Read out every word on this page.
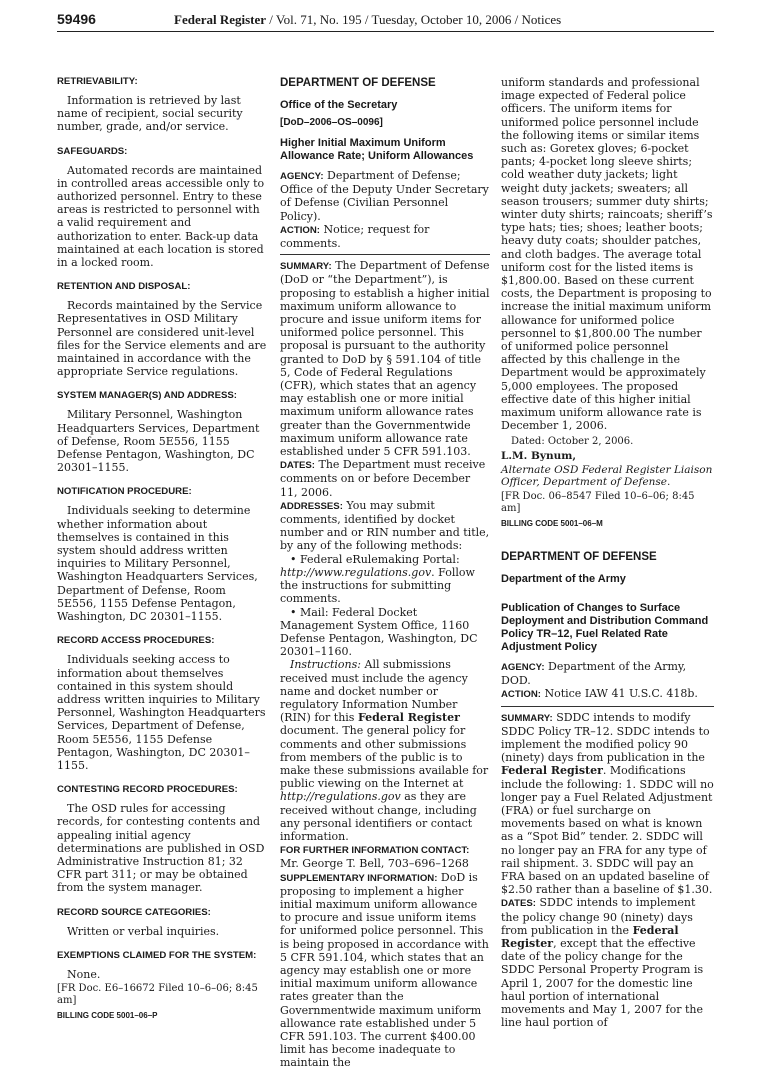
59496	Federal Register / Vol. 71, No. 195 / Tuesday, October 10, 2006 / Notices
RETRIEVABILITY:

Information is retrieved by last name of recipient, social security number, grade, and/or service.

SAFEGUARDS:

Automated records are maintained in controlled areas accessible only to authorized personnel. Entry to these areas is restricted to personnel with a valid requirement and authorization to enter. Back-up data maintained at each location is stored in a locked room.

RETENTION AND DISPOSAL:

Records maintained by the Service Representatives in OSD Military Personnel are considered unit-level files for the Service elements and are maintained in accordance with the appropriate Service regulations.

SYSTEM MANAGER(S) AND ADDRESS:

Military Personnel, Washington Headquarters Services, Department of Defense, Room 5E556, 1155 Defense Pentagon, Washington, DC 20301–1155.

NOTIFICATION PROCEDURE:

Individuals seeking to determine whether information about themselves is contained in this system should address written inquiries to Military Personnel, Washington Headquarters Services, Department of Defense, Room 5E556, 1155 Defense Pentagon, Washington, DC 20301–1155.

RECORD ACCESS PROCEDURES:

Individuals seeking access to information about themselves contained in this system should address written inquiries to Military Personnel, Washington Headquarters Services, Department of Defense, Room 5E556, 1155 Defense Pentagon, Washington, DC 20301–1155.

CONTESTING RECORD PROCEDURES:

The OSD rules for accessing records, for contesting contents and appealing initial agency determinations are published in OSD Administrative Instruction 81; 32 CFR part 311; or may be obtained from the system manager.

RECORD SOURCE CATEGORIES:

Written or verbal inquiries.

EXEMPTIONS CLAIMED FOR THE SYSTEM:

None.

[FR Doc. E6–16672 Filed 10–6–06; 8:45 am]

BILLING CODE 5001–06–P

DEPARTMENT OF DEFENSE

Office of the Secretary

[DoD–2006–OS–0096]

Higher Initial Maximum Uniform Allowance Rate; Uniform Allowances

AGENCY: Department of Defense; Office of the Deputy Under Secretary of Defense (Civilian Personnel Policy).

ACTION: Notice; request for comments.

SUMMARY: The Department of Defense (DoD or “the Department”), is proposing to establish a higher initial maximum uniform allowance to procure and issue uniform items for uniformed police personnel. This proposal is pursuant to the authority granted to DoD by § 591.104 of title 5, Code of Federal Regulations (CFR), which states that an agency may establish one or more initial maximum uniform allowance rates greater than the Governmentwide maximum uniform allowance rate established under 5 CFR 591.103.

DATES: The Department must receive comments on or before December 11, 2006.

ADDRESSES: You may submit comments, identified by docket number and or RIN number and title, by any of the following methods:

• Federal eRulemaking Portal: http://www.regulations.gov. Follow the instructions for submitting comments.

• Mail: Federal Docket Management System Office, 1160 Defense Pentagon, Washington, DC 20301–1160.

Instructions: All submissions received must include the agency name and docket number or regulatory Information Number (RIN) for this Federal Register document. The general policy for comments and other submissions from members of the public is to make these submissions available for public viewing on the Internet at http://regulations.gov as they are received without change, including any personal identifiers or contact information.

FOR FURTHER INFORMATION CONTACT: Mr. George T. Bell, 703–696–1268

SUPPLEMENTARY INFORMATION: DoD is proposing to implement a higher initial maximum uniform allowance to procure and issue uniform items for uniformed police personnel. This is being proposed in accordance with 5 CFR 591.104, which states that an agency may establish one or more initial maximum uniform allowance rates greater than the Governmentwide maximum uniform allowance rate established under 5 CFR 591.103. The current $400.00 limit has become inadequate to maintain the

uniform standards and professional image expected of Federal police officers. The uniform items for uniformed police personnel include the following items or similar items such as: Goretex gloves; 6-pocket pants; 4-pocket long sleeve shirts; cold weather duty jackets; light weight duty jackets; sweaters; all season trousers; summer duty shirts; winter duty shirts; raincoats; sheriff’s type hats; ties; shoes; leather boots; heavy duty coats; shoulder patches, and cloth badges. The average total uniform cost for the listed items is $1,800.00. Based on these current costs, the Department is proposing to increase the initial maximum uniform allowance for uniformed police personnel to $1,800.00 The number of uniformed police personnel affected by this challenge in the Department would be approximately 5,000 employees. The proposed effective date of this higher initial maximum uniform allowance rate is December 1, 2006.

Dated: October 2, 2006.

L.M. Bynum,

Alternate OSD Federal Register Liaison Officer, Department of Defense.

[FR Doc. 06–8547 Filed 10–6–06; 8:45 am]

BILLING CODE 5001–06–M

DEPARTMENT OF DEFENSE

Department of the Army

Publication of Changes to Surface Deployment and Distribution Command Policy TR–12, Fuel Related Rate Adjustment Policy

AGENCY: Department of the Army, DOD.

ACTION: Notice IAW 41 U.S.C. 418b.

SUMMARY: SDDC intends to modify SDDC Policy TR–12. SDDC intends to implement the modified policy 90 (ninety) days from publication in the Federal Register. Modifications include the following: 1. SDDC will no longer pay a Fuel Related Adjustment (FRA) or fuel surcharge on movements based on what is known as a “Spot Bid” tender. 2. SDDC will no longer pay an FRA for any type of rail shipment. 3. SDDC will pay an FRA based on an updated baseline of $2.50 rather than a baseline of $1.30.

DATES: SDDC intends to implement the policy change 90 (ninety) days from publication in the Federal Register, except that the effective date of the policy change for the SDDC Personal Property Program is April 1, 2007 for the domestic line haul portion of international movements and May 1, 2007 for the line haul portion of
